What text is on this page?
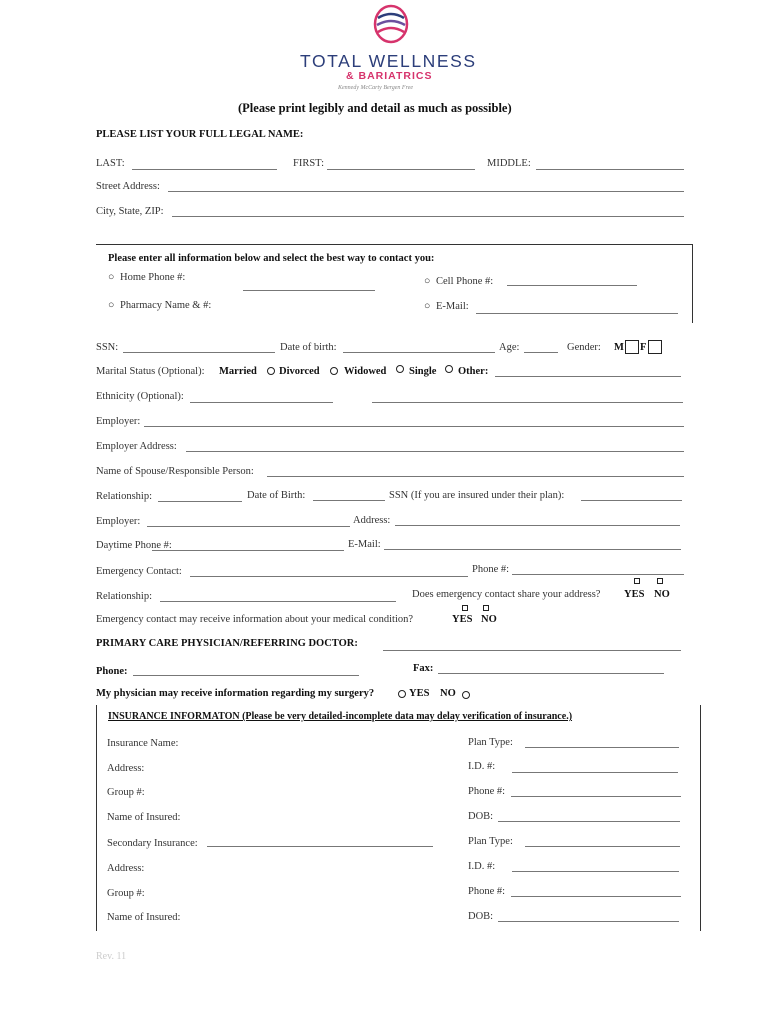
TOTAL WELLNESS
& BARIATRICS
Kennedy McCarty Bergen Free
(Please print legibly and detail as much as possible)
PLEASE LIST YOUR FULL LEGAL NAME:
LAST:	FIRST:	MIDDLE:
Street Address:
City, State, ZIP:
Please enter all information below and select the best way to contact you:
○ Home Phone #:	○ Cell Phone #:
○ Pharmacy Name & #:	○ E-Mail:
SSN:	Date of birth:	Age:	Gender: M F
Marital Status (Optional): Married Divorced Widowed Single Other:
Ethnicity (Optional):
Employer:
Employer Address:
Name of Spouse/Responsible Person:
Relationship:	Date of Birth:	SSN (If you are insured under their plan):
Employer:	Address:
Daytime Phone #:	E-Mail:
Emergency Contact:	Phone #:
Relationship:	Does emergency contact share your address? YES NO
Emergency contact may receive information about your medical condition?	YES NO
PRIMARY CARE PHYSICIAN/REFERRING DOCTOR:
Phone:	Fax:
My physician may receive information regarding my surgery?	YES NO
INSURANCE INFORMATON (Please be very detailed-incomplete data may delay verification of insurance.)
Insurance Name:	Plan Type:
Address:	I.D. #:
Group #:	Phone #:
Name of Insured:	DOB:
Secondary Insurance:	Plan Type:
Address:	I.D. #:
Group #:	Phone #:
Name of Insured:	DOB:
Rev. 11
